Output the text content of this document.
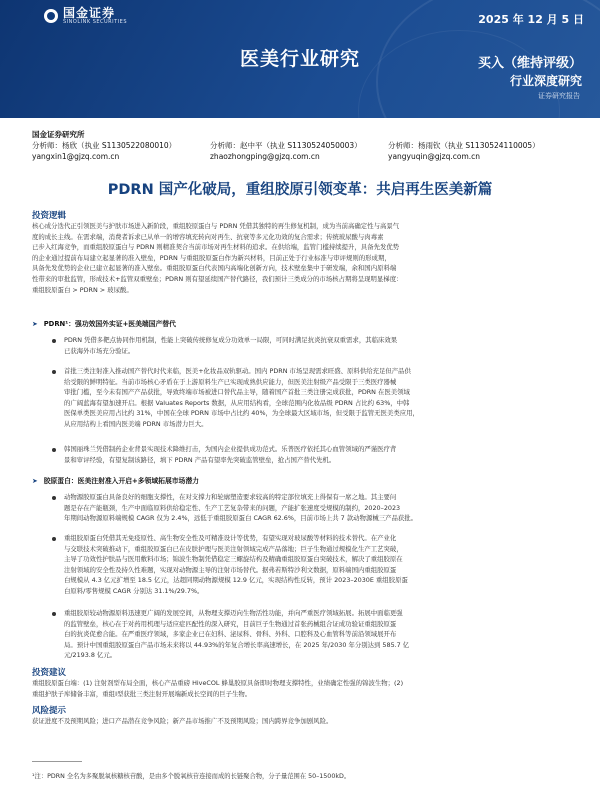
国金证券
SINOLINK SECURITIES	2025 年 12 月 5 日
医美行业研究	买入（维持评级）
行业深度研究
证券研究报告
国金证券研究所
分析师：杨欣（执业 S1130522080010）
yangxin1@gjzq.com.cn
分析师：赵中平（执业 S1130524050003）
zhaozhongping@gjzq.com.cn
分析师：杨雨钦（执业 S1130524110005）
yangyuqin@gjzq.com.cn
PDRN 国产化破局，重组胶原引领变革：共启再生医美新篇
投资逻辑
核心成分迭代正引领医美与护肤市场进入新阶段，重组胶原蛋白与 PDRN 凭借其独特的再生修复机制，成为当前高确定性与高景气
度的成长主线。在需求端，消费者诉求已从单一的增容填充转向对再生、抗衰等多元化功效的复合需求；传统玻尿酸与肉毒素
已步入红海竞争，而重组胶原蛋白与 PDRN 则精准契合当前市场对再生材料的追求。在供给端，监管门槛持续提升，具备先发优势
的企业通过提前布局建立起显著的准入壁垒，PDRN 与重组胶原蛋白作为新兴材料，目前正处于行业标准与审评规则的形成期，
具备先发优势的企业已建立起显著的准入壁垒。重组胶原蛋白代表国内高端化创新方向，技术壁垒集中于研发端，余和国内原料端
性带来的审批监管，形成技术+监管双重壁垒；PDRN 则有望延续国产替代路径，我们预计三类成分的市场核占期将呈现明显梯度：
重组胶原蛋白 > PDRN > 玻尿酸。
➤ PDRN¹：强功效国外实证+医美端国产替代
PDRN 凭借多靶点协同作用机制，性能上突破传统修复成分功效单一局限，可同时满足抗炎抗衰双重需求，其临床效果
已获海外市场充分验证。
首批三类注射准入推动国产替代时代来临，医美+化妆品双轨驱动。国内 PDRN 市场呈现需求旺盛、原料供给充足但产品供
给受限的鲜明特征。当前市场核心矛盾在于上游原料生产已实现成熟供应能力，但医美注射级产品受限于三类医疗器械
审批门槛，至今未有国产产品获批，导致终端市场被进口替代品主导，随着国产首批三类注册完成获批，PDRN 在医美领域
的广阔蓝海有望加速开启。根据 Valuates Reports 数据，从应用结构看，全球范围内化妆品级 PDRN 占比约 63%，中韩
医保单类医美应用占比约 31%，中国在全球 PDRN 市场中占比约 40%，为全球最大区域市场，但受限于监管无医美类应用，
从应用结构上看国内医美端 PDRN 市场潜力巨大。
韩国丽珠兰凭借制药企业背景实现技术降维打击，为国内企业提供成功范式。乐普医疗依托其心血管领域的严谨医疗背
景和审评经验，有望复制该路径，填下 PDRN 产品有望率先突破监管壁垒，抢占国产替代先机。
➤ 胶原蛋白：医美注射准入开启+多领域拓展市场潜力
动物源胶原蛋白具备良好的细胞支撑性，在对支撑力和轮廓塑造要求较高的特定部位填充上得保有一席之地。其主要问
题是存在产能瓶颈，生产中面临原料供给稳定性、生产工艺复杂带来的问题，产能扩张速度受规模的制约，2020–2023
年期间动物源原料端规模 CAGR 仅为 2.4%，远低于重组胶原蛋白 CAGR 62.6%，目前市场上共 7 款动物源械三产品获批。
重组胶原蛋白凭借其无免疫原性、高生物安全性及可精准设计等优势，有望实现对玻尿酸等材料的技术替代。在产业化
与交联技术突破推动下，重组胶原蛋白已在皮肤护理与医美注射领域完成产品落地；巨子生物通过规模化生产工艺突破，
主导了功效性护肤品与医用敷料市场；锦波生物制凭借稳定三螺旋结构及精确重组胶原蛋白突破技术，解决了重组胶原在
注射领域的安全性及持久性难题，实现对动物源主导的注射市场替代。据弗若斯特沙利文数据，原料端国内重组胶原蛋
白规模从 4.3 亿元扩增至 18.5 亿元，达超同期动物源规模 12.9 亿元，实现结构性反转，预计 2023–2030E 重组胶原蛋
白原料/零售规模 CAGR 分别达 31.1%/29.7%。
重组胶原较动物源原料迅速更广阔的发展空间，从物理支撑迈向生物活性功能，并向严重医疗领域拓展。拓展中面临更强
的监管壁垒，核心在于对药用机理与适应症匹配性的深入研究，目前巨子生物通过首张药械组合证成功验证重组胶原蛋
白的抗炎促愈合能。在严重医疗领域，多家企业已在妇科、泌尿科、骨科、外科、口腔科及心血管科等前沿领域展开布
局。预计中国重组胶原蛋白产品市场未来将以 44.93%的年复合增长率高速增长，在 2025 年/2030 年分别达到 585.7 亿
元/2193.8 亿元。
投资建议
重组胶原蛋白端：(1) 注射剂型布局全面，核心产品重磅 HiveCOL 蜂巢胶原具备即时物理支撑特性，业绩确定性强的锦波生物；(2)
重组护肤子库储备丰富，重组Ⅰ型获批三类注射开展端新成长空间的巨子生物。
风险提示
获证进度不及预期风险；进口产品潜在竞争风险；新产品市场推广不及预期风险；国内跨界竞争加剧风险。
¹注：PDRN 全名为多聚脱氧核糖核苷酸，是由多个脱氧核苷连接而成的长链聚合物，分子量范围在 50–1500kD。
